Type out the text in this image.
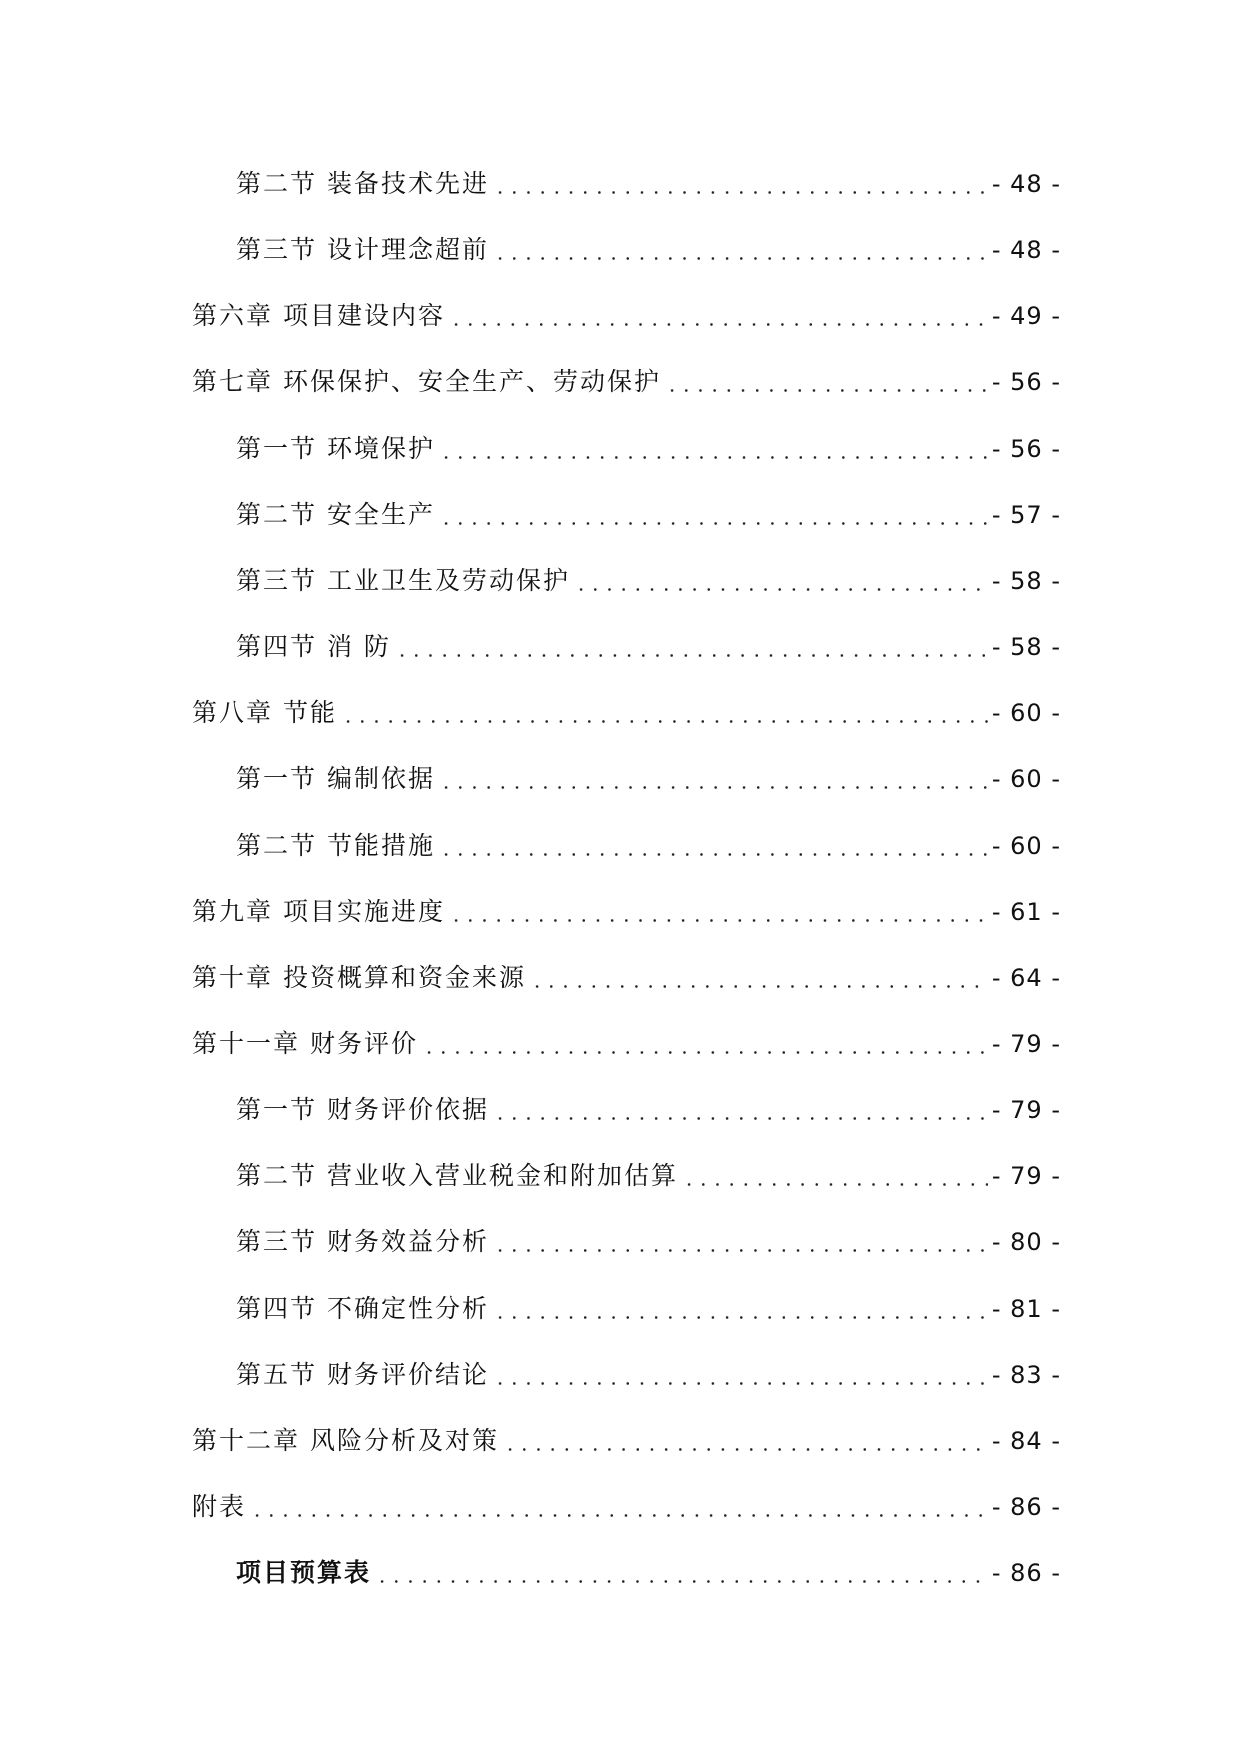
第二节 装备技术先进	- 48 -
第三节 设计理念超前	- 48 -
第六章 项目建设内容	- 49 -
第七章 环保保护、安全生产、劳动保护	- 56 -
第一节 环境保护	- 56 -
第二节 安全生产	- 57 -
第三节 工业卫生及劳动保护	- 58 -
第四节 消 防	- 58 -
第八章 节能	- 60 -
第一节 编制依据	- 60 -
第二节 节能措施	- 60 -
第九章 项目实施进度	- 61 -
第十章 投资概算和资金来源	- 64 -
第十一章 财务评价	- 79 -
第一节 财务评价依据	- 79 -
第二节 营业收入营业税金和附加估算	- 79 -
第三节 财务效益分析	- 80 -
第四节 不确定性分析	- 81 -
第五节 财务评价结论	- 83 -
第十二章 风险分析及对策	- 84 -
附表	- 86 -
项目预算表	- 86 -
